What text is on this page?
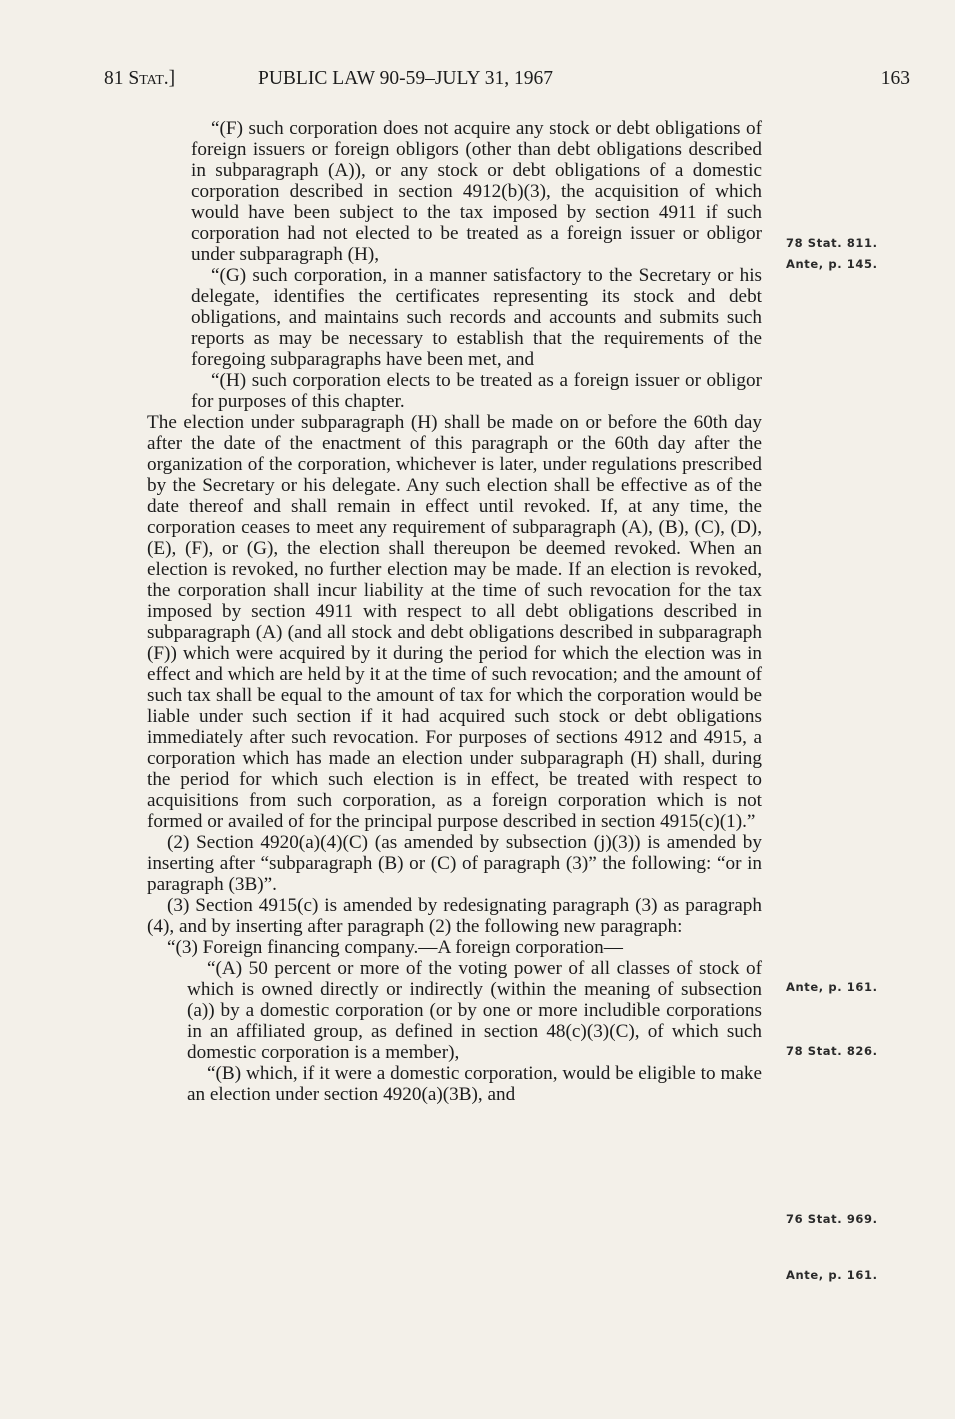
81 Stat.]	PUBLIC LAW 90-59–JULY 31, 1967	163

“(F) such corporation does not acquire any stock or debt obligations of foreign issuers or foreign obligors (other than debt obligations described in subparagraph (A)), or any stock or debt obligations of a domestic corporation described in section 4912(b)(3), the acquisition of which would have been subject to the tax imposed by section 4911 if such corporation had not elected to be treated as a foreign issuer or obligor under subparagraph (H),

“(G) such corporation, in a manner satisfactory to the Secretary or his delegate, identifies the certificates representing its stock and debt obligations, and maintains such records and accounts and submits such reports as may be necessary to establish that the requirements of the foregoing subparagraphs have been met, and

“(H) such corporation elects to be treated as a foreign issuer or obligor for purposes of this chapter.

The election under subparagraph (H) shall be made on or before the 60th day after the date of the enactment of this paragraph or the 60th day after the organization of the corporation, whichever is later, under regulations prescribed by the Secretary or his delegate. Any such election shall be effective as of the date thereof and shall remain in effect until revoked. If, at any time, the corporation ceases to meet any requirement of subparagraph (A), (B), (C), (D), (E), (F), or (G), the election shall thereupon be deemed revoked. When an election is revoked, no further election may be made. If an election is revoked, the corporation shall incur liability at the time of such revocation for the tax imposed by section 4911 with respect to all debt obligations described in subparagraph (A) (and all stock and debt obligations described in subparagraph (F)) which were acquired by it during the period for which the election was in effect and which are held by it at the time of such revocation; and the amount of such tax shall be equal to the amount of tax for which the corporation would be liable under such section if it had acquired such stock or debt obligations immediately after such revocation. For purposes of sections 4912 and 4915, a corporation which has made an election under subparagraph (H) shall, during the period for which such election is in effect, be treated with respect to acquisitions from such corporation, as a foreign corporation which is not formed or availed of for the principal purpose described in section 4915(c)(1).”

(2) Section 4920(a)(4)(C) (as amended by subsection (j)(3)) is amended by inserting after “subparagraph (B) or (C) of paragraph (3)” the following: “or in paragraph (3B)”.

(3) Section 4915(c) is amended by redesignating paragraph (3) as paragraph (4), and by inserting after paragraph (2) the following new paragraph:

“(3) Foreign financing company.—A foreign corporation—

“(A) 50 percent or more of the voting power of all classes of stock of which is owned directly or indirectly (within the meaning of subsection (a)) by a domestic corporation (or by one or more includible corporations in an affiliated group, as defined in section 48(c)(3)(C), of which such domestic corporation is a member),

“(B) which, if it were a domestic corporation, would be eligible to make an election under section 4920(a)(3B), and

78 Stat. 811.
Ante, p. 145.
Ante, p. 161.
78 Stat. 826.
76 Stat. 969.
Ante, p. 161.
